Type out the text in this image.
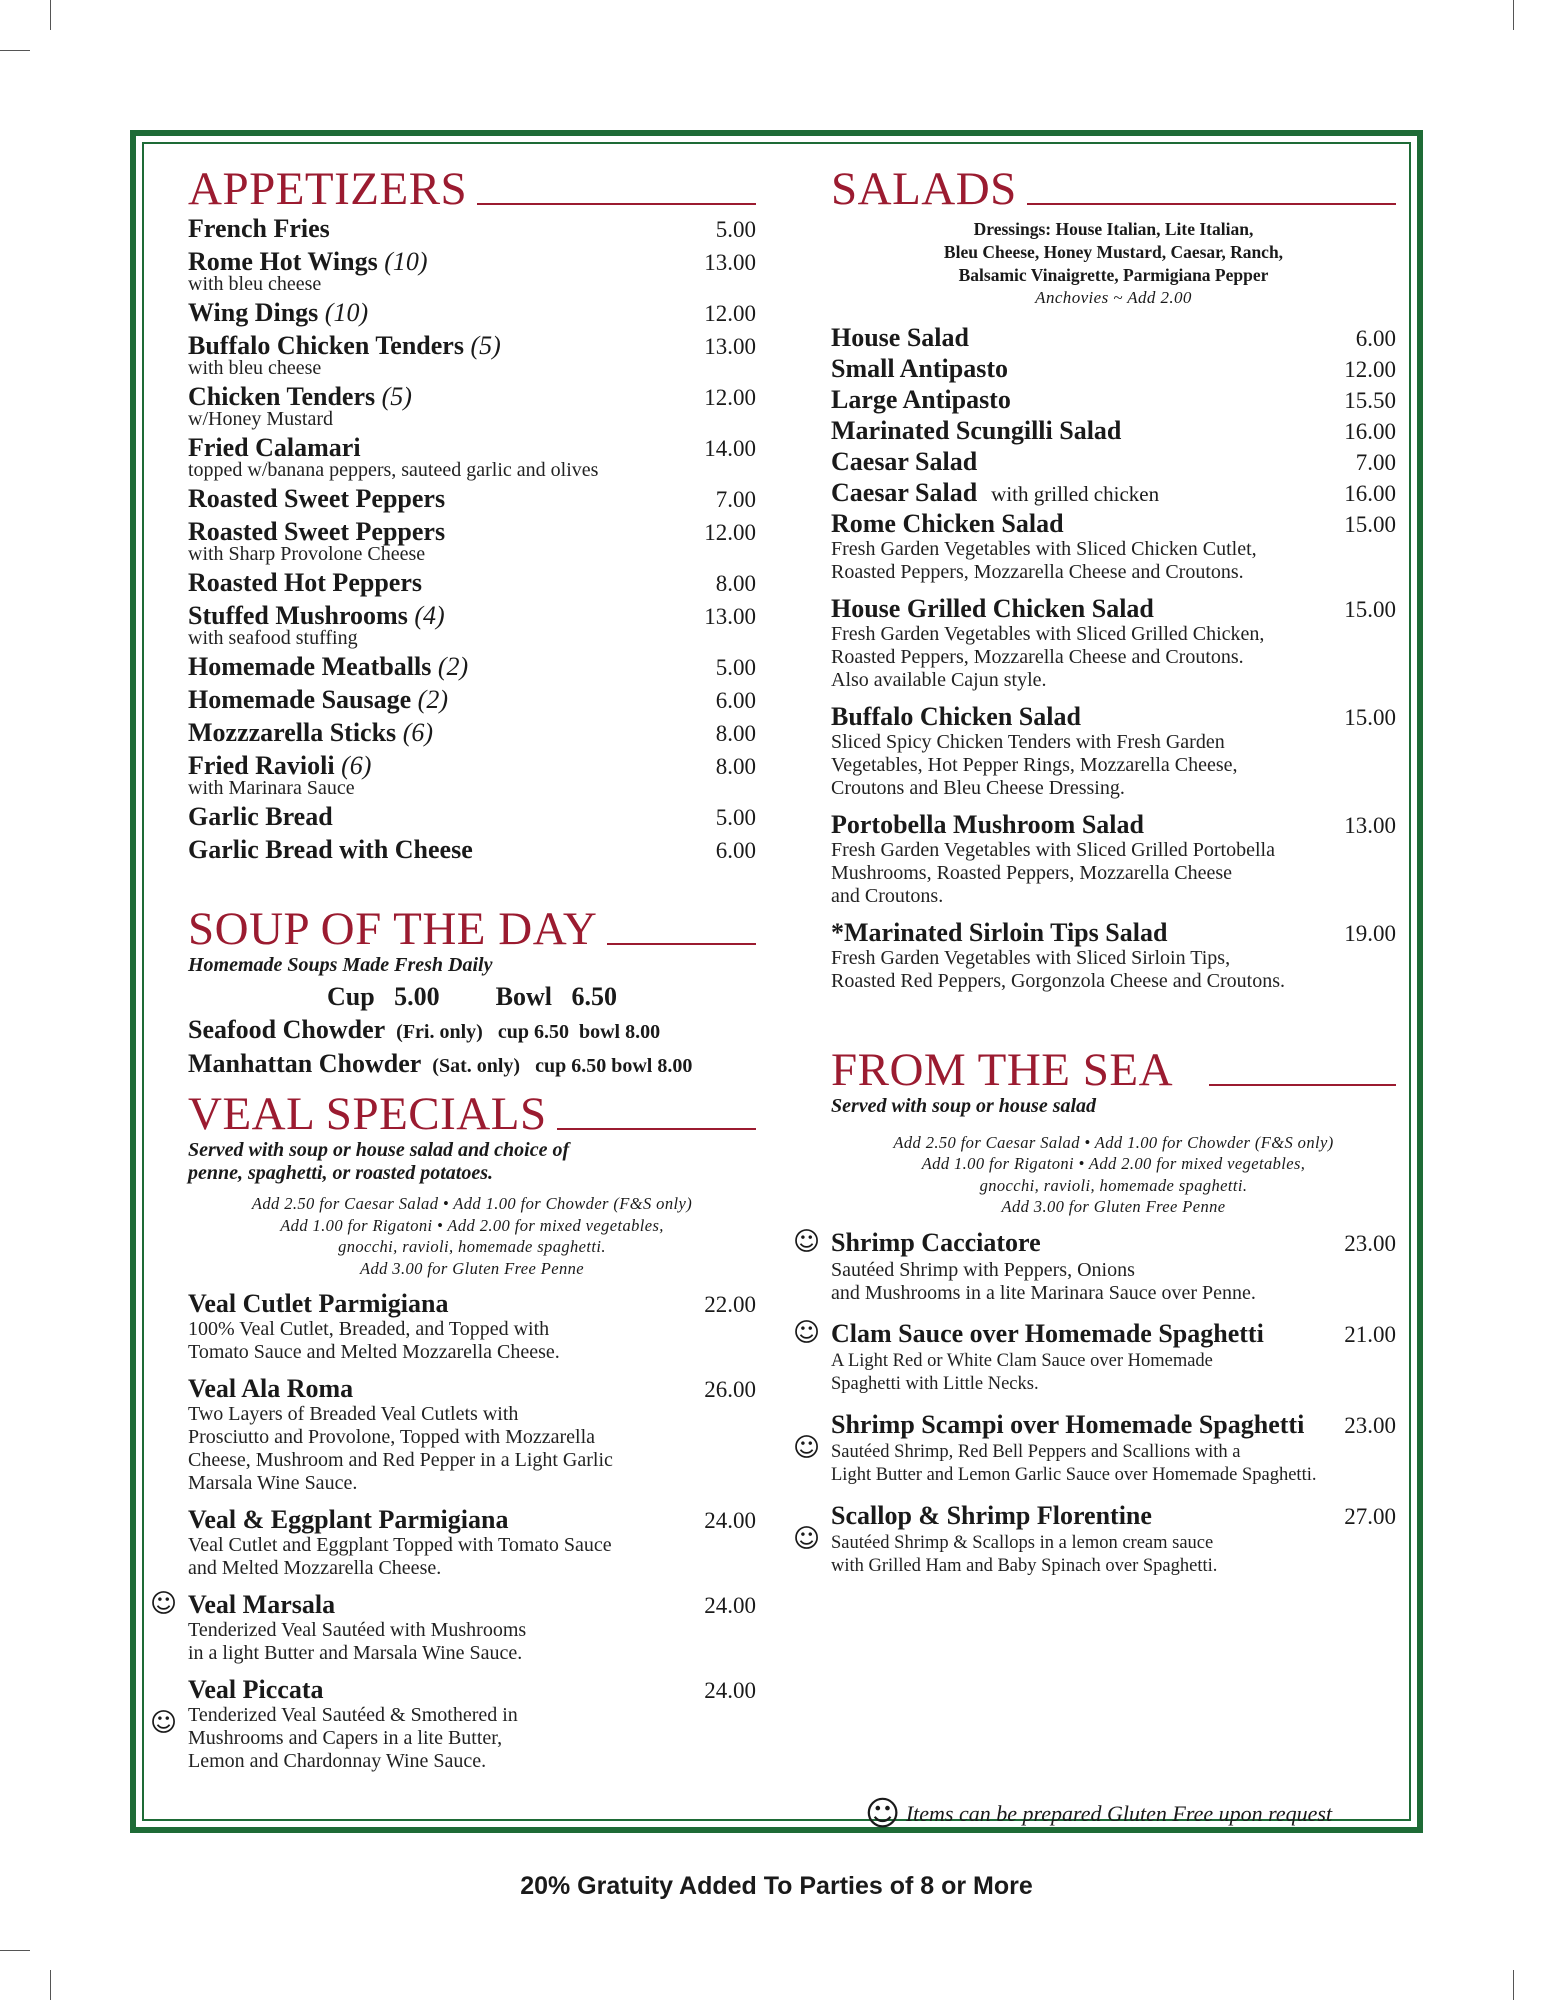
APPETIZERS
French Fries	5.00
Rome Hot Wings (10)	13.00
with bleu cheese
Wing Dings (10)	12.00
Buffalo Chicken Tenders (5)	13.00
with bleu cheese
Chicken Tenders (5)	12.00
w/Honey Mustard
Fried Calamari	14.00
topped w/banana peppers, sauteed garlic and olives
Roasted Sweet Peppers	7.00
Roasted Sweet Peppers	12.00
with Sharp Provolone Cheese
Roasted Hot Peppers	8.00
Stuffed Mushrooms (4)	13.00
with seafood stuffing
Homemade Meatballs (2)	5.00
Homemade Sausage (2)	6.00
Mozzzarella Sticks (6)	8.00
Fried Ravioli (6)	8.00
with Marinara Sauce
Garlic Bread	5.00
Garlic Bread with Cheese	6.00
SOUP OF THE DAY
Homemade Soups Made Fresh Daily
Cup   5.00 Bowl   6.50
Seafood Chowder (Fri. only) cup 6.50  bowl 8.00
Manhattan Chowder (Sat. only) cup 6.50 bowl 8.00
VEAL SPECIALS
Served with soup or house salad and choice of
penne, spaghetti, or roasted potatoes.
Add 2.50 for Caesar Salad • Add 1.00 for Chowder (F&S only)
Add 1.00 for Rigatoni • Add 2.00 for mixed vegetables,
gnocchi, ravioli, homemade spaghetti.
Add 3.00 for Gluten Free Penne
Veal Cutlet Parmigiana	22.00
100% Veal Cutlet, Breaded, and Topped with
Tomato Sauce and Melted Mozzarella Cheese.
Veal Ala Roma	26.00
Two Layers of Breaded Veal Cutlets with
Prosciutto and Provolone, Topped with Mozzarella
Cheese, Mushroom and Red Pepper in a Light Garlic
Marsala Wine Sauce.
Veal & Eggplant Parmigiana	24.00
Veal Cutlet and Eggplant Topped with Tomato Sauce
and Melted Mozzarella Cheese.
Veal Marsala	24.00
Tenderized Veal Sautéed with Mushrooms
in a light Butter and Marsala Wine Sauce.
☺
Veal Piccata	24.00
Tenderized Veal Sautéed & Smothered in
Mushrooms and Capers in a lite Butter,
Lemon and Chardonnay Wine Sauce.
☺
SALADS
Dressings: House Italian, Lite Italian,
Bleu Cheese, Honey Mustard, Caesar, Ranch,
Balsamic Vinaigrette, Parmigiana Pepper
Anchovies ~ Add 2.00
House Salad	6.00
Small Antipasto	12.00
Large Antipasto	15.50
Marinated Scungilli Salad	16.00
Caesar Salad	7.00
Caesar Salad with grilled chicken	16.00
Rome Chicken Salad	15.00
Fresh Garden Vegetables with Sliced Chicken Cutlet,
Roasted Peppers, Mozzarella Cheese and Croutons.
House Grilled Chicken Salad	15.00
Fresh Garden Vegetables with Sliced Grilled Chicken,
Roasted Peppers, Mozzarella Cheese and Croutons.
Also available Cajun style.
Buffalo Chicken Salad	15.00
Sliced Spicy Chicken Tenders with Fresh Garden
Vegetables, Hot Pepper Rings, Mozzarella Cheese,
Croutons and Bleu Cheese Dressing.
Portobella Mushroom Salad	13.00
Fresh Garden Vegetables with Sliced Grilled Portobella
Mushrooms, Roasted Peppers, Mozzarella Cheese
and Croutons.
*Marinated Sirloin Tips Salad	19.00
Fresh Garden Vegetables with Sliced Sirloin Tips,
Roasted Red Peppers, Gorgonzola Cheese and Croutons.
FROM THE SEA
Served with soup or house salad
Add 2.50 for Caesar Salad • Add 1.00 for Chowder (F&S only)
Add 1.00 for Rigatoni • Add 2.00 for mixed vegetables,
gnocchi, ravioli, homemade spaghetti.
Add 3.00 for Gluten Free Penne
Shrimp Cacciatore	23.00
Sautéed Shrimp with Peppers, Onions
and Mushrooms in a lite Marinara Sauce over Penne.
☺
Clam Sauce over Homemade Spaghetti	21.00
A Light Red or White Clam Sauce over Homemade
Spaghetti with Little Necks.
☺
Shrimp Scampi over Homemade Spaghetti 23.00
Sautéed Shrimp, Red Bell Peppers and Scallions with a
Light Butter and Lemon Garlic Sauce over Homemade Spaghetti.
☺
Scallop & Shrimp Florentine	27.00
Sautéed Shrimp & Scallops in a lemon cream sauce
with Grilled Ham and Baby Spinach over Spaghetti.
☺
☺ Items can be prepared Gluten Free upon request
20% Gratuity Added To Parties of 8 or More
